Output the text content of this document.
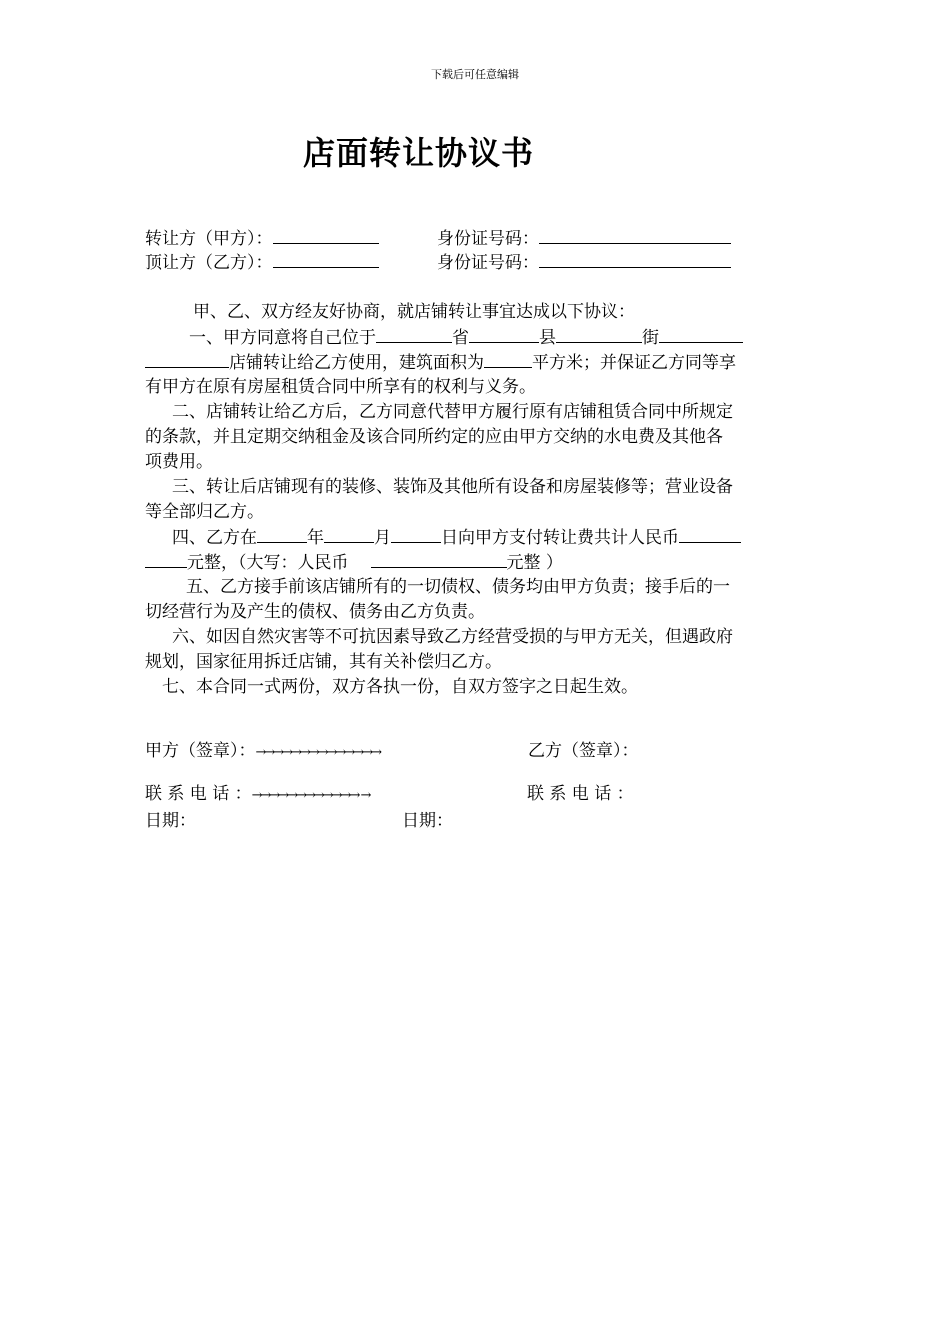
下载后可任意编辑
店面转让协议书
转让方（甲方）：	身份证号码：
顶让方（乙方）：	身份证号码：
甲、乙、双方经友好协商，就店铺转让事宜达成以下协议：
一、甲方同意将自己位于	省	县	街
店铺转让给乙方使用，建筑面积为	平方米；并保证乙方同等享
有甲方在原有房屋租赁合同中所享有的权利与义务。
二、店铺转让给乙方后，乙方同意代替甲方履行原有店铺租赁合同中所规定
的条款，并且定期交纳租金及该合同所约定的应由甲方交纳的水电费及其他各
项费用。
三、转让后店铺现有的装修、装饰及其他所有设备和房屋装修等；营业设备
等全部归乙方。
四、乙方在	年	月	日向甲方支付转让费共计人民币
元整，（大写：人民币	元整 ）
五、乙方接手前该店铺所有的一切债权、债务均由甲方负责；接手后的一
切经营行为及产生的债权、债务由乙方负责。
六、如因自然灾害等不可抗因素导致乙方经营受损的与甲方无关，但遇政府
规划，国家征用拆迁店铺，其有关补偿归乙方。
七、本合同一式两份，双方各执一份，自双方签字之日起生效。
甲方（签章）：→→→→→→→→→→→→→→	乙方（签章）：
联 系 电 话 ：→→→→→→→→→→→→ →	联 系 电 话 ：
日期：	日期：
